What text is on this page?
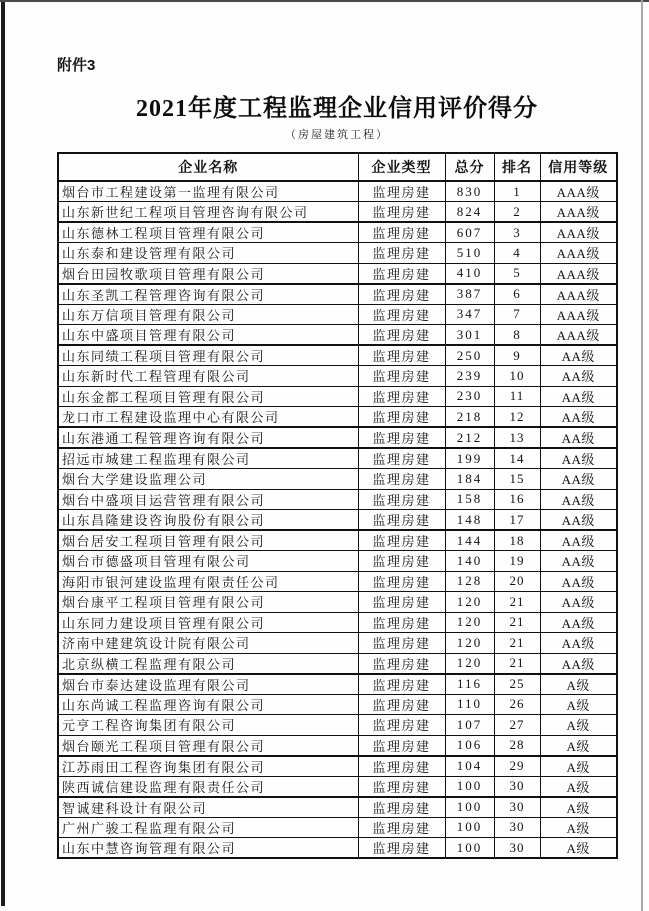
附件3
2021年度工程监理企业信用评价得分
（房屋建筑工程）
企业名称	企业类型	总分	排名	信用等级
烟台市工程建设第一监理有限公司	监理房建	830	1	AAA级
山东新世纪工程项目管理咨询有限公司	监理房建	824	2	AAA级
山东德林工程项目管理有限公司	监理房建	607	3	AAA级
山东泰和建设管理有限公司	监理房建	510	4	AAA级
烟台田园牧歌项目管理有限公司	监理房建	410	5	AAA级
山东圣凯工程管理咨询有限公司	监理房建	387	6	AAA级
山东万信项目管理有限公司	监理房建	347	7	AAA级
山东中盛项目管理有限公司	监理房建	301	8	AAA级
山东同绩工程项目管理有限公司	监理房建	250	9	AA级
山东新时代工程管理有限公司	监理房建	239	10	AA级
山东金都工程项目管理有限公司	监理房建	230	11	AA级
龙口市工程建设监理中心有限公司	监理房建	218	12	AA级
山东港通工程管理咨询有限公司	监理房建	212	13	AA级
招远市城建工程监理有限公司	监理房建	199	14	AA级
烟台大学建设监理公司	监理房建	184	15	AA级
烟台中盛项目运营管理有限公司	监理房建	158	16	AA级
山东昌隆建设咨询股份有限公司	监理房建	148	17	AA级
烟台居安工程项目管理有限公司	监理房建	144	18	AA级
烟台市德盛项目管理有限公司	监理房建	140	19	AA级
海阳市银河建设监理有限责任公司	监理房建	128	20	AA级
烟台康平工程项目管理有限公司	监理房建	120	21	AA级
山东同力建设项目管理有限公司	监理房建	120	21	AA级
济南中建建筑设计院有限公司	监理房建	120	21	AA级
北京纵横工程监理有限公司	监理房建	120	21	AA级
烟台市泰达建设监理有限公司	监理房建	116	25	A级
山东尚诚工程监理咨询有限公司	监理房建	110	26	A级
元亨工程咨询集团有限公司	监理房建	107	27	A级
烟台颐光工程项目管理有限公司	监理房建	106	28	A级
江苏雨田工程咨询集团有限公司	监理房建	104	29	A级
陕西诚信建设监理有限责任公司	监理房建	100	30	A级
智诚建科设计有限公司	监理房建	100	30	A级
广州广骏工程监理有限公司	监理房建	100	30	A级
山东中慧咨询管理有限公司	监理房建	100	30	A级
